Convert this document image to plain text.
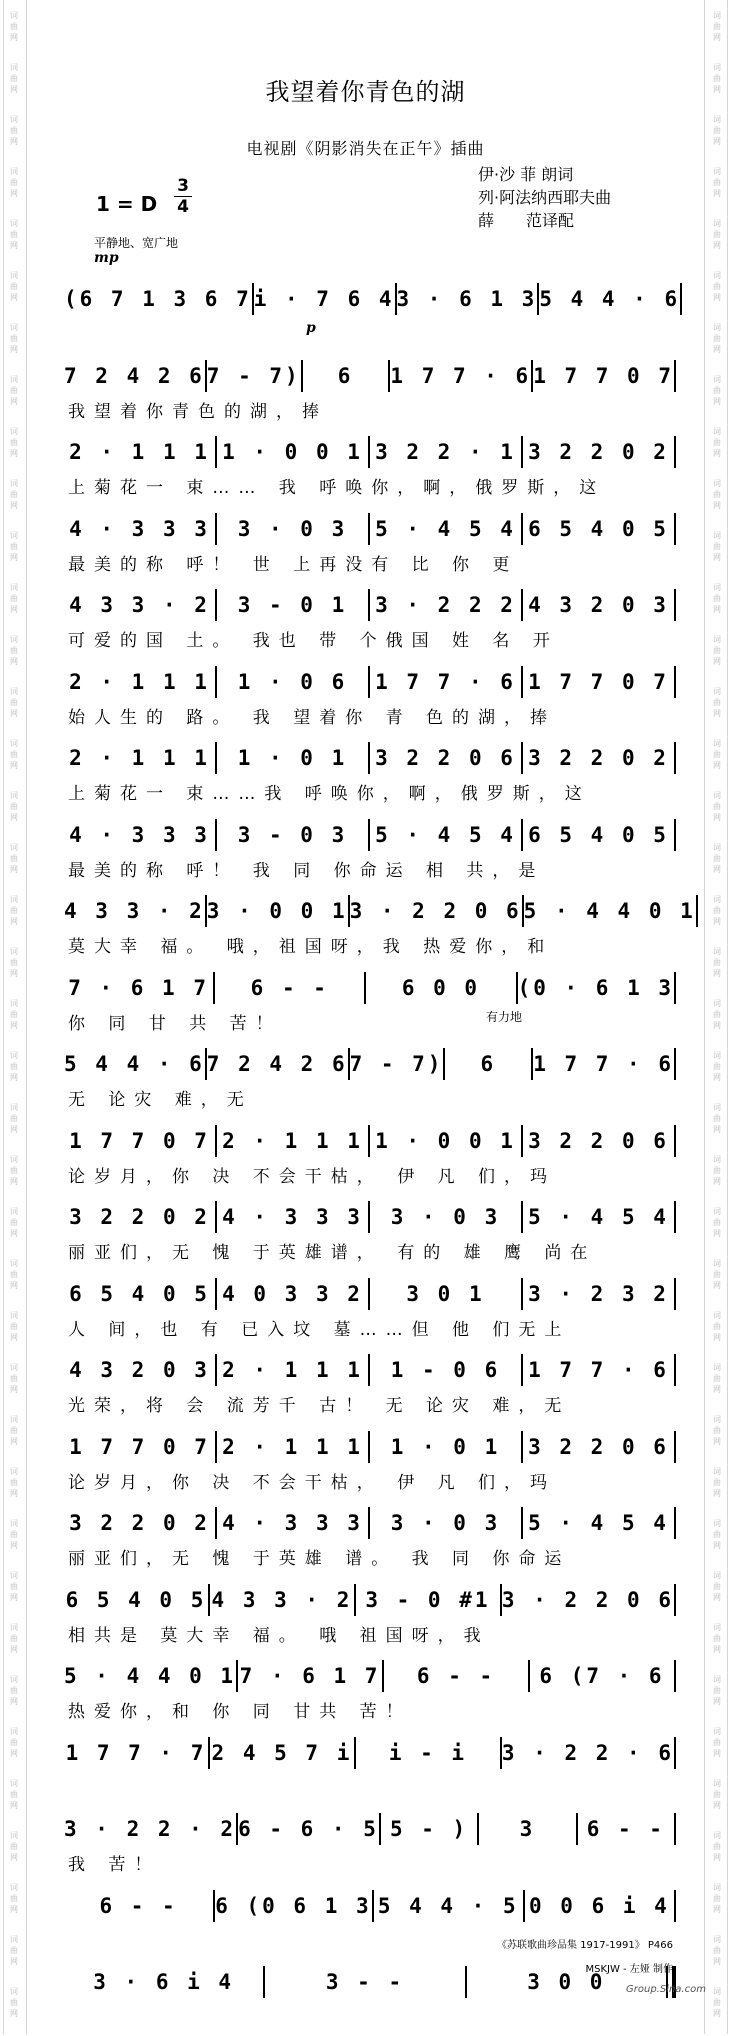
我望着你青色的湖
电视剧《阴影消失在正午》插曲
伊·沙 菲 朗词
列·阿法纳西耶夫曲
薛　　范译配
1 = D
3
4
平静地、宽广地
mp
p
有力地
(6 7 1 3 6 7 i · 7 6 4 3 · 6 1 3 5 4 4 · 6
7 2 4 2 6 7 - 7)	6	1 7 7 · 6 1 7 7 0 7
我望着你青色的湖，捧
2 · 1 1 1 1 · 0 0 1 3 2 2 · 1 3 2 2 0 2
上菊花一 束…… 我 呼唤你，啊，俄罗斯，这
4 · 3 3 3	3 · 0 3	5 · 4 5 4 6 5 4 0 5
最美的称 呼！ 世 上再没有 比 你 更
4 3 3 · 2	3 - 0 1	3 · 2 2 2 4 3 2 0 3
可爱的国 土。 我也 带 个俄国 姓 名 开
2 · 1 1 1	1 · 0 6	1 7 7 · 6 1 7 7 0 7
始人生的 路。 我 望着你 青 色的湖，捧
2 · 1 1 1	1 · 0 1	3 2 2 0 6 3 2 2 0 2
上菊花一 束……我 呼唤你，啊，俄罗斯，这
4 · 3 3 3	3 - 0 3	5 · 4 5 4 6 5 4 0 5
最美的称 呼！ 我 同 你命运 相 共，是
4 3 3 · 2 3 · 0 0 1 3 · 2 2 0 6 5 · 4 4 0 1
莫大幸 福。 哦，祖国呀，我 热爱你，和
7 · 6 1 7	6 - -	6 0 0	(0 · 6 1 3
你 同 甘 共 苦！
5 4 4 · 6 7 2 4 2 6 7 - 7)	6	1 7 7 · 6
无 论灾 难，无
1 7 7 0 7 2 · 1 1 1 1 · 0 0 1 3 2 2 0 6
论岁月，你 决 不会干枯， 伊 凡 们，玛
3 2 2 0 2 4 · 3 3 3	3 · 0 3	5 · 4 5 4
丽亚们，无 愧 于英雄谱， 有的 雄 鹰 尚在
6 5 4 0 5 4 0 3 3 2	3 0 1	3 · 2 3 2
人 间，也 有 已入坟 墓……但 他 们无上
4 3 2 0 3 2 · 1 1 1	1 - 0 6	1 7 7 · 6
光荣，将 会 流芳千 古！ 无 论灾 难，无
1 7 7 0 7 2 · 1 1 1	1 · 0 1	3 2 2 0 6
论岁月，你 决 不会干枯， 伊 凡 们，玛
3 2 2 0 2 4 · 3 3 3	3 · 0 3	5 · 4 5 4
丽亚们，无 愧 于英雄 谱。 我 同 你命运
6 5 4 0 5 4 3 3 · 2 3 - 0 #1 3 · 2 2 0 6
相共是 莫大幸 福。 哦 祖国呀，我
5 · 4 4 0 1 7 · 6 1 7	6 - -	6 (7 · 6
热爱你，和 你 同 甘共 苦！
1 7 7 · 7 2 4 5 7 i	i - i	3 · 2 2 · 6
3 · 2 2 · 2 6 - 6 · 5 5 - )	3	6 - -
我 苦！
6 - -	6 (0 6 1 3 5 4 4 · 5 0 0 6 i 4
3 · 6 i 4	3 - -	3 0 0
《苏联歌曲珍品集 1917-1991》 P466
MSKJW - 左娅 制作
Group.Sina.com
词
曲
网
词
曲
网
词
曲
网
词
曲
网
词
曲
网
词
曲
网
词
曲
网
词
曲
网
词
曲
网
词
曲
网
词
曲
网
词
曲
网
词
曲
网
词
曲
网
词
曲
网
词
曲
网
词
曲
网
词
曲
网
词
曲
网
词
曲
网
词
曲
网
词
曲
网
词
曲
网
词
曲
网
词
曲
网
词
曲
网
词
曲
网
词
曲
网
词
曲
网
词
曲
网
词
曲
网
词
曲
网
词
曲
网
词
曲
网
词
曲
网
词
曲
网
词
曲
网
词
曲
网
词
曲
网
词
曲
网
词
曲
网
词
曲
网
词
曲
网
词
曲
网
词
曲
网
词
曲
网
词
曲
网
词
曲
网
词
曲
网
词
曲
网
词
曲
网
词
曲
网
词
曲
网
词
曲
网
词
曲
网
词
曲
网
词
曲
网
词
曲
网
词
曲
网
词
曲
网
词
曲
网
词
曲
网
词
曲
网
词
曲
网
词
曲
网
词
曲
网
词
曲
网
词
曲
网
词
曲
网
词
曲
网
词
曲
网
词
曲
网
词
曲
网
词
曲
网
词
曲
网
词
曲
网
词
曲
网
词
曲
网
